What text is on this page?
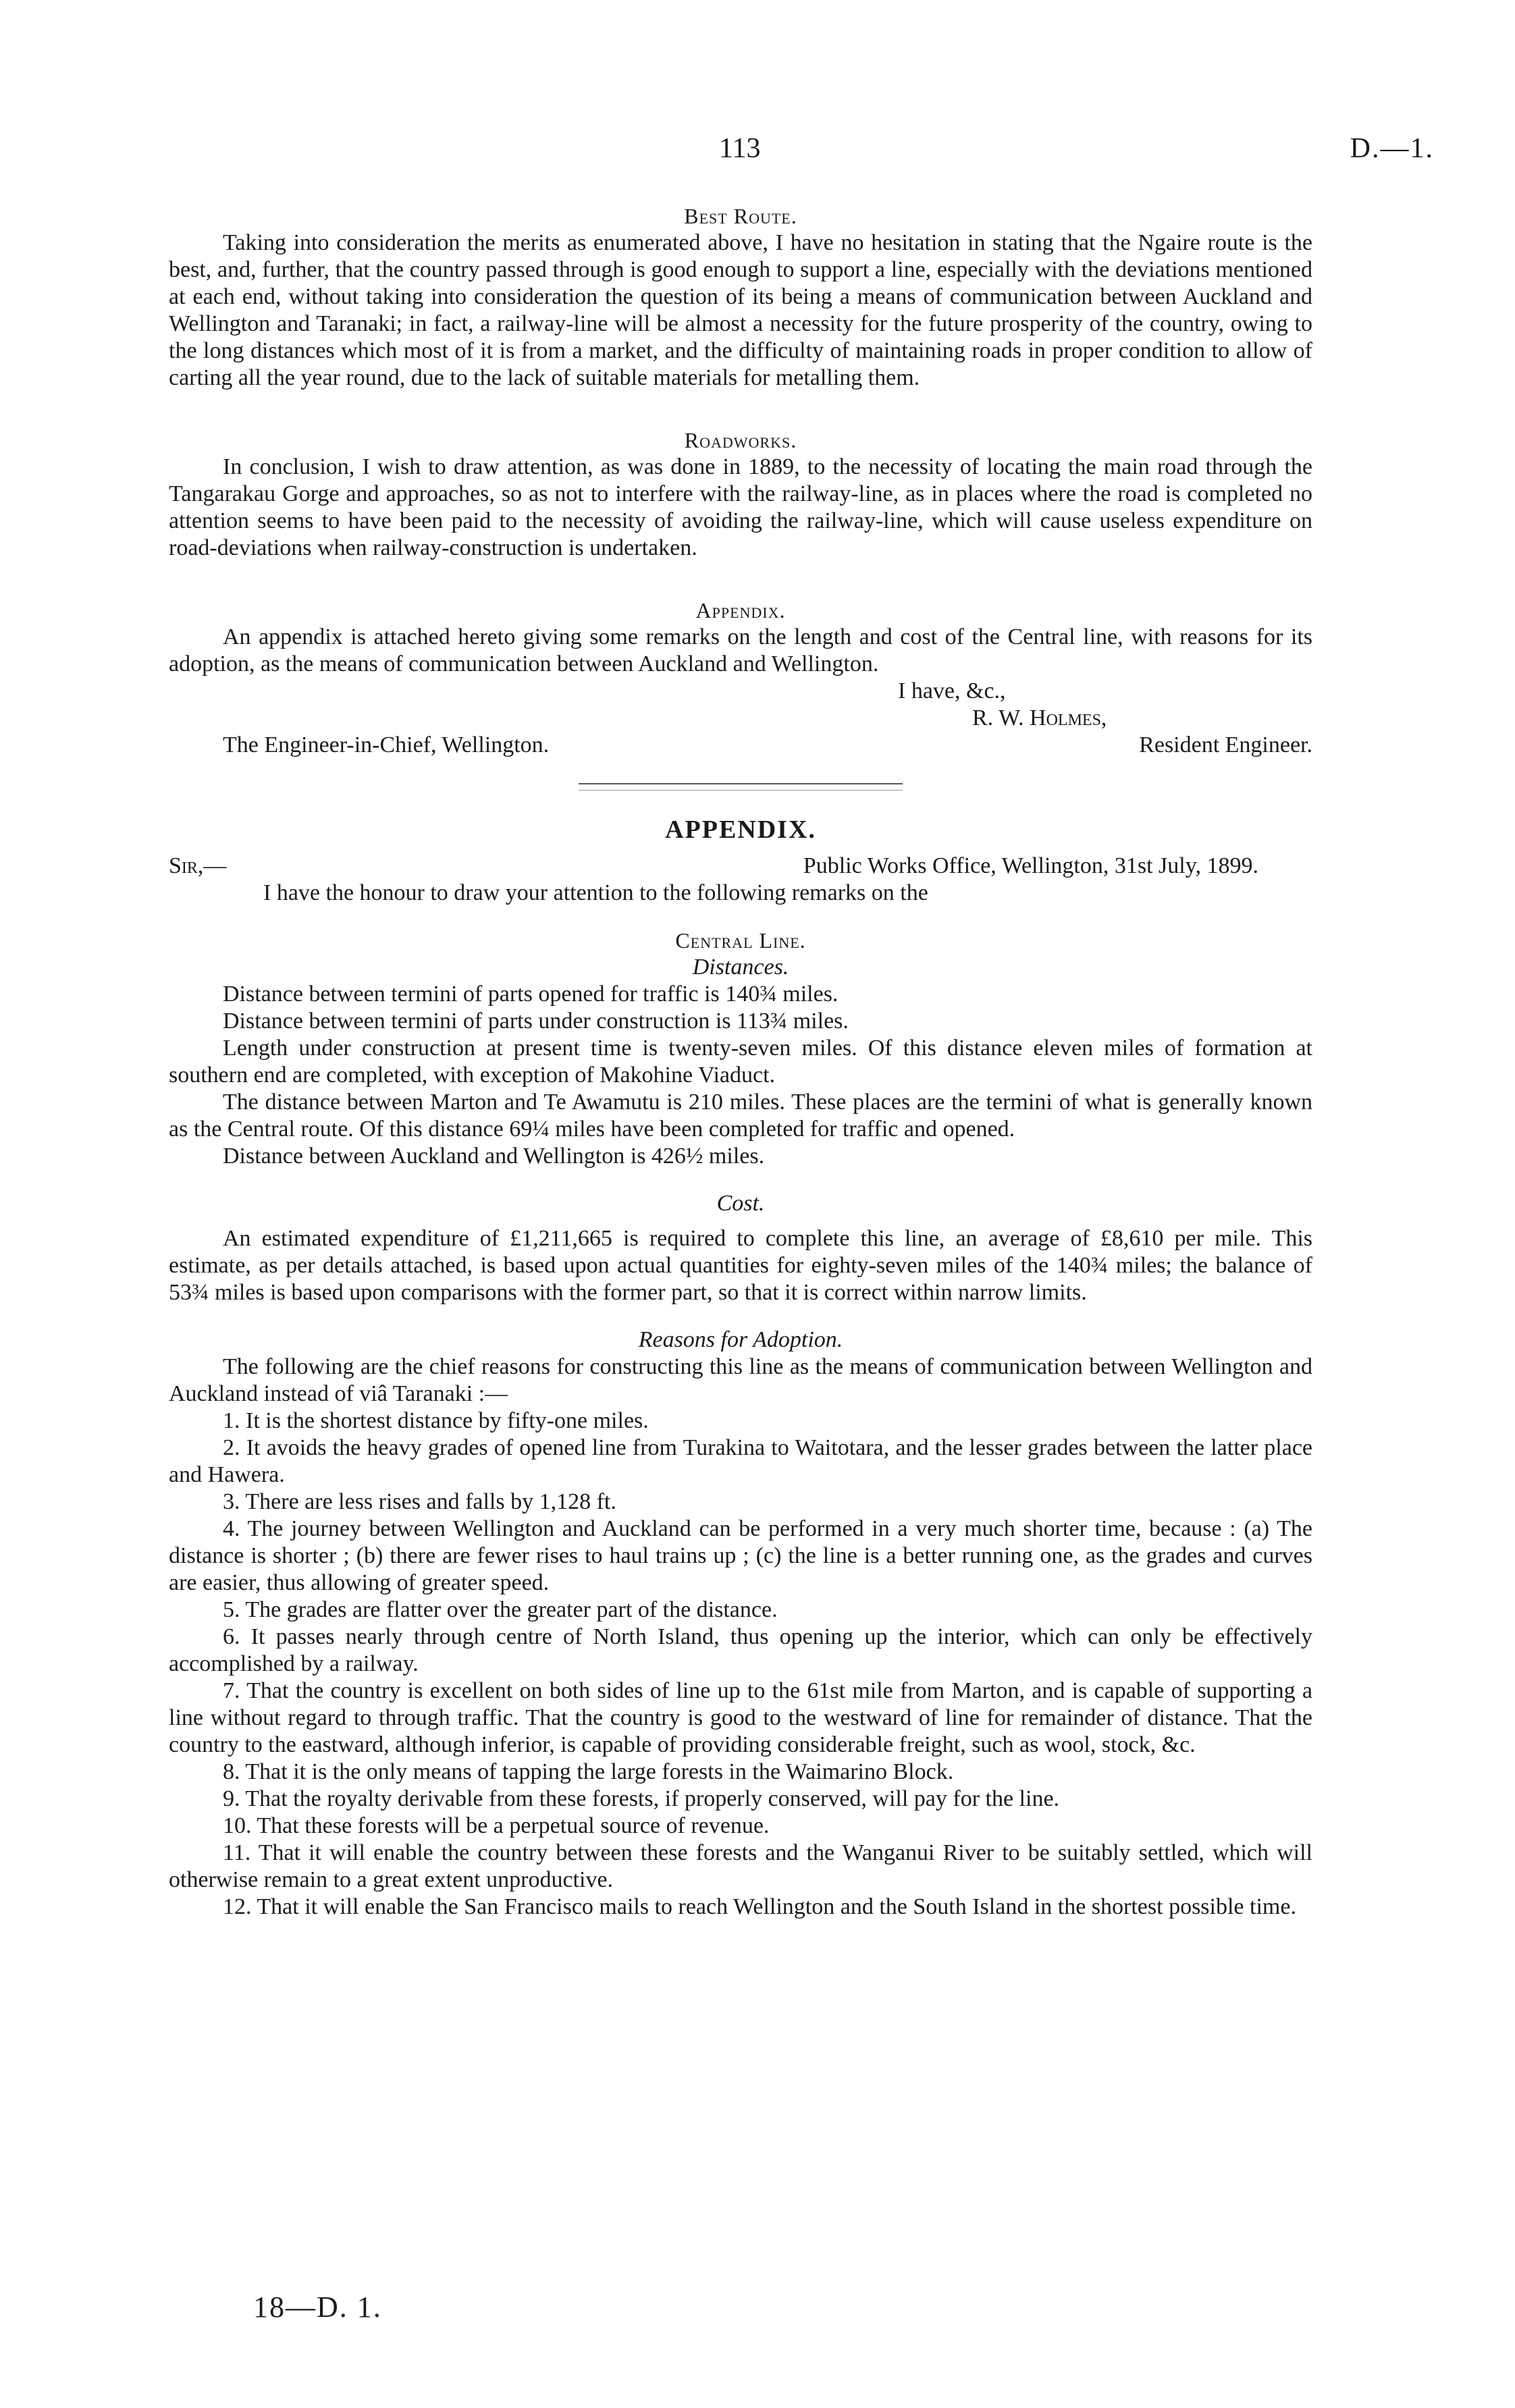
113	D.—1.
Best Route.

Taking into consideration the merits as enumerated above, I have no hesitation in stating that the Ngaire route is the best, and, further, that the country passed through is good enough to support a line, especially with the deviations mentioned at each end, without taking into consideration the question of its being a means of communication between Auckland and Wellington and Taranaki; in fact, a railway-line will be almost a necessity for the future prosperity of the country, owing to the long distances which most of it is from a market, and the difficulty of maintaining roads in proper condition to allow of carting all the year round, due to the lack of suitable materials for metalling them.

Roadworks.

In conclusion, I wish to draw attention, as was done in 1889, to the necessity of locating the main road through the Tangarakau Gorge and approaches, so as not to interfere with the railway-line, as in places where the road is completed no attention seems to have been paid to the necessity of avoiding the railway-line, which will cause useless expenditure on road-deviations when railway-construction is undertaken.

Appendix.

An appendix is attached hereto giving some remarks on the length and cost of the Central line, with reasons for its adoption, as the means of communication between Auckland and Wellington.

I have, &c.,
R. W. Holmes,
The Engineer-in-Chief, Wellington.	Resident Engineer.
APPENDIX.
Sir,—	Public Works Office, Wellington, 31st July, 1899.

I have the honour to draw your attention to the following remarks on the

Central Line.
Distances.

Distance between termini of parts opened for traffic is 140¾ miles.

Distance between termini of parts under construction is 113¾ miles.

Length under construction at present time is twenty-seven miles. Of this distance eleven miles of formation at southern end are completed, with exception of Makohine Viaduct.

The distance between Marton and Te Awamutu is 210 miles. These places are the termini of what is generally known as the Central route. Of this distance 69¼ miles have been completed for traffic and opened.

Distance between Auckland and Wellington is 426½ miles.

Cost.

An estimated expenditure of £1,211,665 is required to complete this line, an average of £8,610 per mile. This estimate, as per details attached, is based upon actual quantities for eighty-seven miles of the 140¾ miles; the balance of 53¾ miles is based upon comparisons with the former part, so that it is correct within narrow limits.

Reasons for Adoption.

The following are the chief reasons for constructing this line as the means of communication between Wellington and Auckland instead of viâ Taranaki :—

1. It is the shortest distance by fifty-one miles.

2. It avoids the heavy grades of opened line from Turakina to Waitotara, and the lesser grades between the latter place and Hawera.

3. There are less rises and falls by 1,128 ft.

4. The journey between Wellington and Auckland can be performed in a very much shorter time, because : (a) The distance is shorter ; (b) there are fewer rises to haul trains up ; (c) the line is a better running one, as the grades and curves are easier, thus allowing of greater speed.

5. The grades are flatter over the greater part of the distance.

6. It passes nearly through centre of North Island, thus opening up the interior, which can only be effectively accomplished by a railway.

7. That the country is excellent on both sides of line up to the 61st mile from Marton, and is capable of supporting a line without regard to through traffic. That the country is good to the westward of line for remainder of distance. That the country to the eastward, although inferior, is capable of providing considerable freight, such as wool, stock, &c.

8. That it is the only means of tapping the large forests in the Waimarino Block.

9. That the royalty derivable from these forests, if properly conserved, will pay for the line.

10. That these forests will be a perpetual source of revenue.

11. That it will enable the country between these forests and the Wanganui River to be suitably settled, which will otherwise remain to a great extent unproductive.

12. That it will enable the San Francisco mails to reach Wellington and the South Island in the shortest possible time.

18—D. 1.
